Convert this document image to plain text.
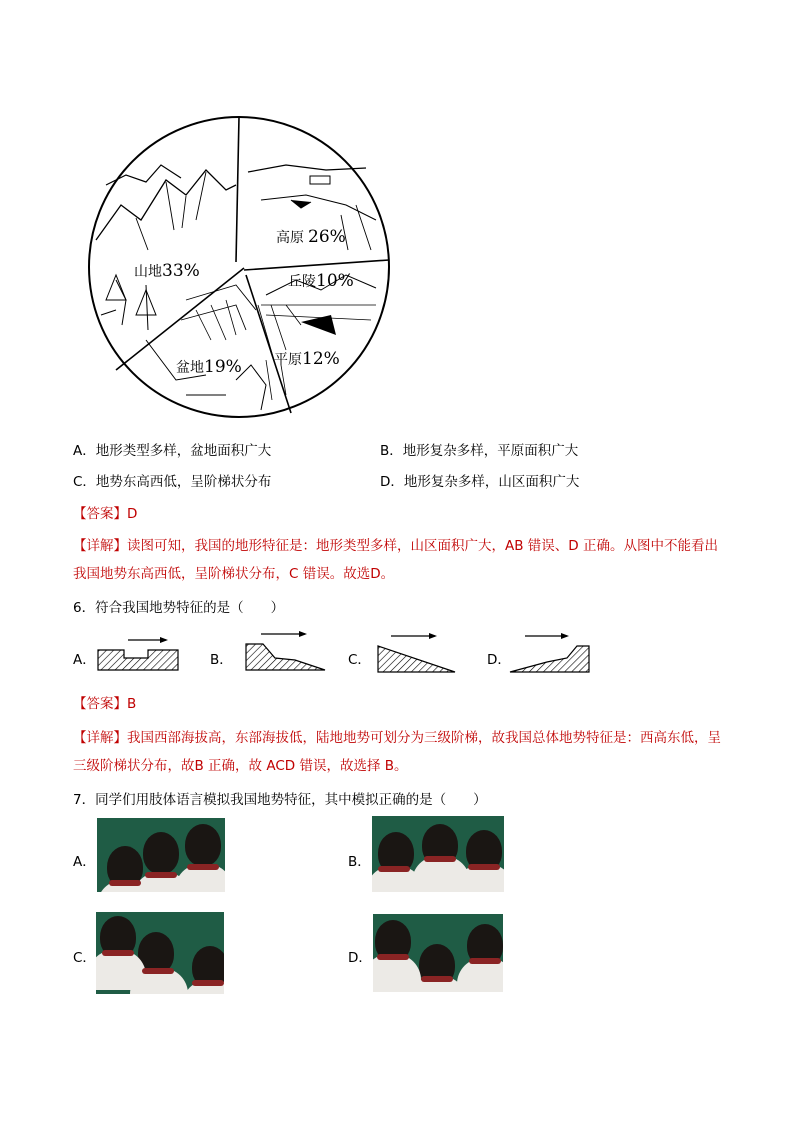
山地33%
高原 26%
丘陵10%
平原12%
盆地19%
A．地形类型多样，盆地面积广大	B．地形复杂多样，平原面积广大
C．地势东高西低，呈阶梯状分布	D．地形复杂多样，山区面积广大
【答案】D
【详解】读图可知，我国的地形特征是：地形类型多样，山区面积广大，AB 错误、D 正确。从图中不能看出我国地势东高西低，呈阶梯状分布，C 错误。故选D。
6．符合我国地势特征的是（　　）
A．	B．	C．	D．
【答案】B
【详解】我国西部海拔高，东部海拔低，陆地地势可划分为三级阶梯，故我国总体地势特征是：西高东低，呈三级阶梯状分布，故B 正确，故 ACD 错误，故选择 B。
7．同学们用肢体语言模拟我国地势特征，其中模拟正确的是（　　）
A．	B．
C．	D．
